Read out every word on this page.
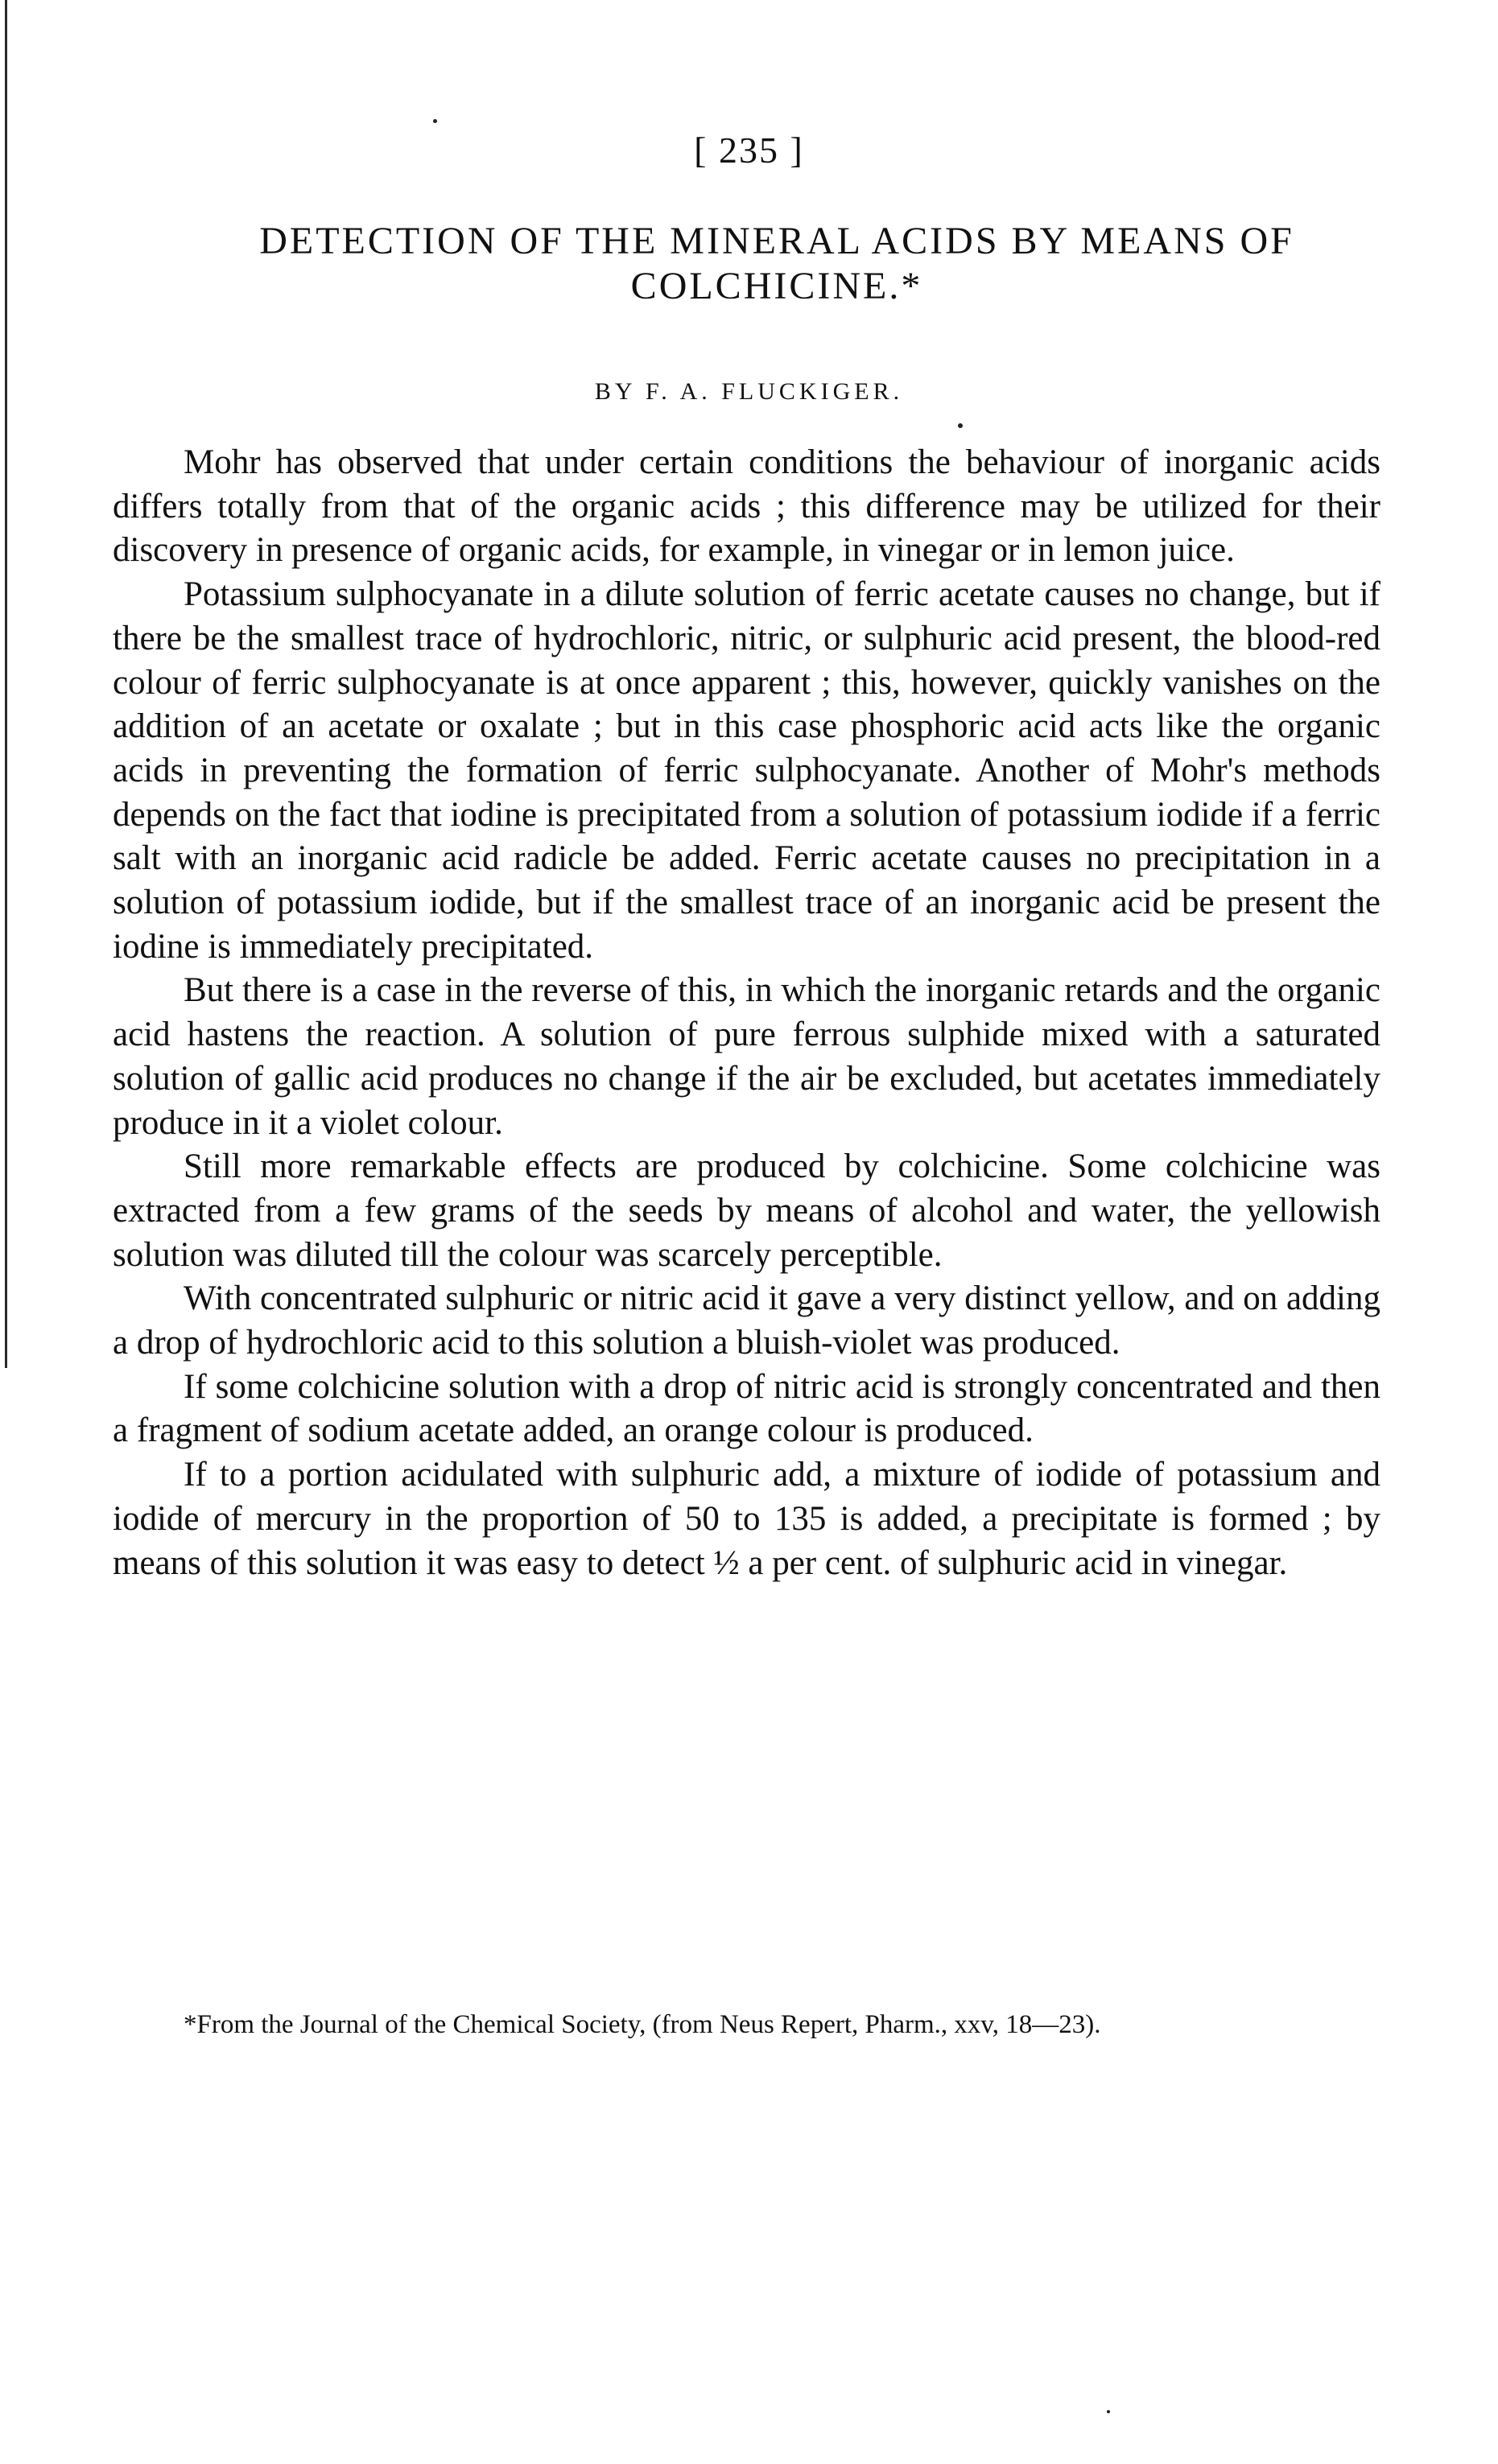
[ 235 ]
DETECTION OF THE MINERAL ACIDS BY MEANS OF COLCHICINE.*
BY F. A. FLUCKIGER.

Mohr has observed that under certain conditions the behaviour of inorganic acids differs totally from that of the organic acids ; this difference may be utilized for their discovery in presence of organic acids, for example, in vinegar or in lemon juice.

Potassium sulphocyanate in a dilute solution of ferric acetate causes no change, but if there be the smallest trace of hydrochloric, nitric, or sulphuric acid present, the blood-red colour of ferric sulphocyanate is at once apparent ; this, however, quickly vanishes on the addition of an acetate or oxalate ; but in this case phosphoric acid acts like the organic acids in preventing the formation of ferric sulphocyanate. Another of Mohr's methods depends on the fact that iodine is precipitated from a solution of potassium iodide if a ferric salt with an inorganic acid radicle be added. Ferric acetate causes no precipitation in a solution of potassium iodide, but if the smallest trace of an inorganic acid be present the iodine is immediately precipitated.

But there is a case in the reverse of this, in which the inorganic retards and the organic acid hastens the reaction. A solution of pure ferrous sulphide mixed with a saturated solution of gallic acid produces no change if the air be excluded, but acetates immediately produce in it a violet colour.

Still more remarkable effects are produced by colchicine. Some colchicine was extracted from a few grams of the seeds by means of alcohol and water, the yellowish solution was diluted till the colour was scarcely perceptible.

With concentrated sulphuric or nitric acid it gave a very distinct yellow, and on adding a drop of hydrochloric acid to this solution a bluish-violet was produced.

If some colchicine solution with a drop of nitric acid is strongly concentrated and then a fragment of sodium acetate added, an orange colour is produced.

If to a portion acidulated with sulphuric add, a mixture of iodide of potassium and iodide of mercury in the proportion of 50 to 135 is added, a precipitate is formed ; by means of this solution it was easy to detect ½ a per cent. of sulphuric acid in vinegar.

*From the Journal of the Chemical Society, (from Neus Repert, Pharm., xxv, 18—23).
